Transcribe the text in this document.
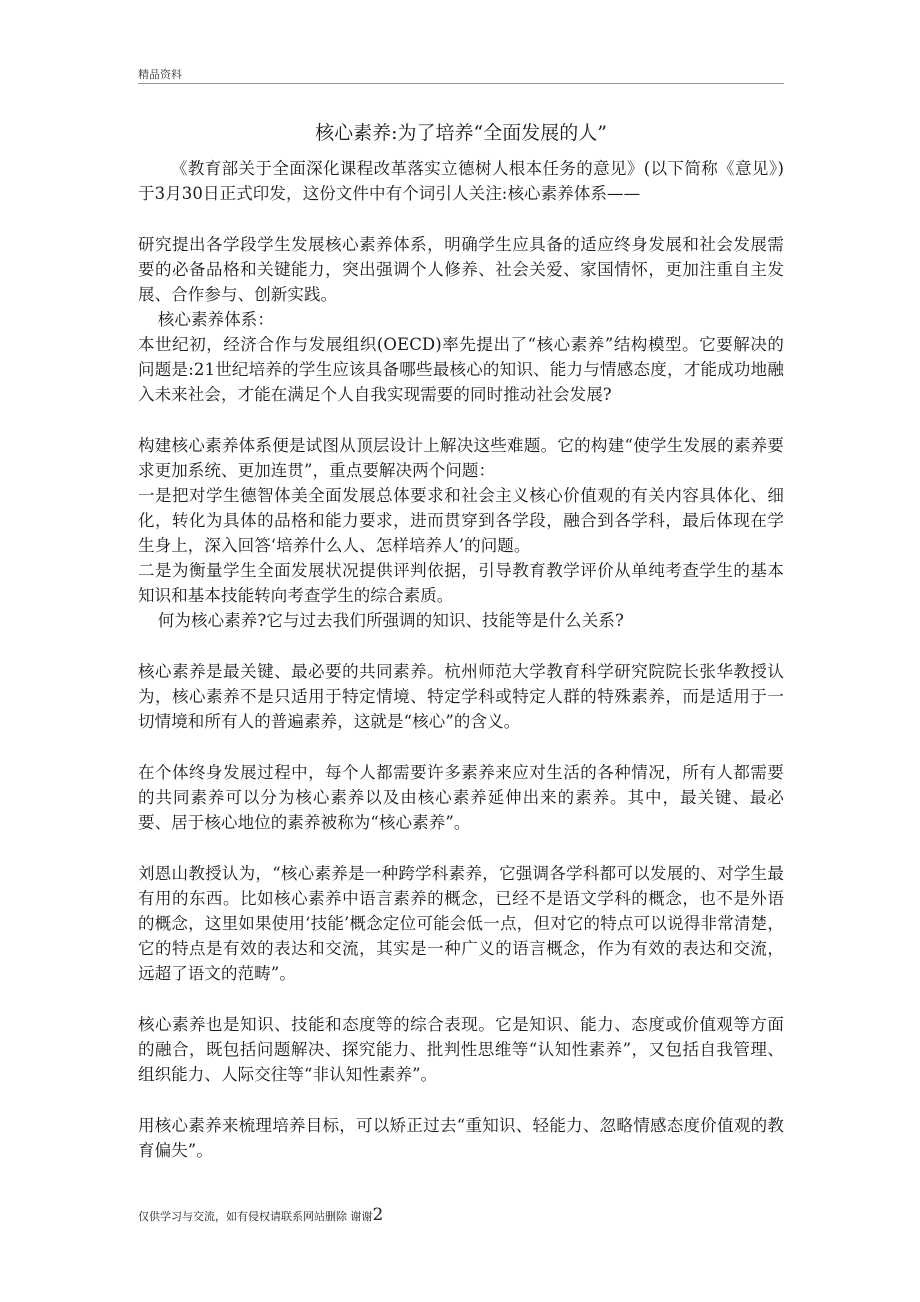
精品资料
核心素养:为了培养“全面发展的人”

《教育部关于全面深化课程改革落实立德树人根本任务的意见》(以下简称《意见》)于3月30日正式印发，这份文件中有个词引人关注:核心素养体系——

研究提出各学段学生发展核心素养体系，明确学生应具备的适应终身发展和社会发展需要的必备品格和关键能力，突出强调个人修养、社会关爱、家国情怀，更加注重自主发展、合作参与、创新实践。

核心素养体系：

本世纪初，经济合作与发展组织(OECD)率先提出了“核心素养”结构模型。它要解决的问题是:21世纪培养的学生应该具备哪些最核心的知识、能力与情感态度，才能成功地融入未来社会，才能在满足个人自我实现需要的同时推动社会发展?

构建核心素养体系便是试图从顶层设计上解决这些难题。它的构建“使学生发展的素养要求更加系统、更加连贯”，重点要解决两个问题：

一是把对学生德智体美全面发展总体要求和社会主义核心价值观的有关内容具体化、细化，转化为具体的品格和能力要求，进而贯穿到各学段，融合到各学科，最后体现在学生身上，深入回答‘培养什么人、怎样培养人’的问题。

二是为衡量学生全面发展状况提供评判依据，引导教育教学评价从单纯考查学生的基本知识和基本技能转向考查学生的综合素质。

何为核心素养?它与过去我们所强调的知识、技能等是什么关系?

核心素养是最关键、最必要的共同素养。杭州师范大学教育科学研究院院长张华教授认为，核心素养不是只适用于特定情境、特定学科或特定人群的特殊素养，而是适用于一切情境和所有人的普遍素养，这就是“核心”的含义。

在个体终身发展过程中，每个人都需要许多素养来应对生活的各种情况，所有人都需要的共同素养可以分为核心素养以及由核心素养延伸出来的素养。其中，最关键、最必要、居于核心地位的素养被称为“核心素养”。

刘恩山教授认为，“核心素养是一种跨学科素养，它强调各学科都可以发展的、对学生最有用的东西。比如核心素养中语言素养的概念，已经不是语文学科的概念，也不是外语的概念，这里如果使用‘技能’概念定位可能会低一点，但对它的特点可以说得非常清楚，它的特点是有效的表达和交流，其实是一种广义的语言概念，作为有效的表达和交流，远超了语文的范畴”。

核心素养也是知识、技能和态度等的综合表现。它是知识、能力、态度或价值观等方面的融合，既包括问题解决、探究能力、批判性思维等“认知性素养”，又包括自我管理、组织能力、人际交往等“非认知性素养”。

用核心素养来梳理培养目标，可以矫正过去“重知识、轻能力、忽略情感态度价值观的教育偏失”。

仅供学习与交流，如有侵权请联系网站删除 谢谢2
